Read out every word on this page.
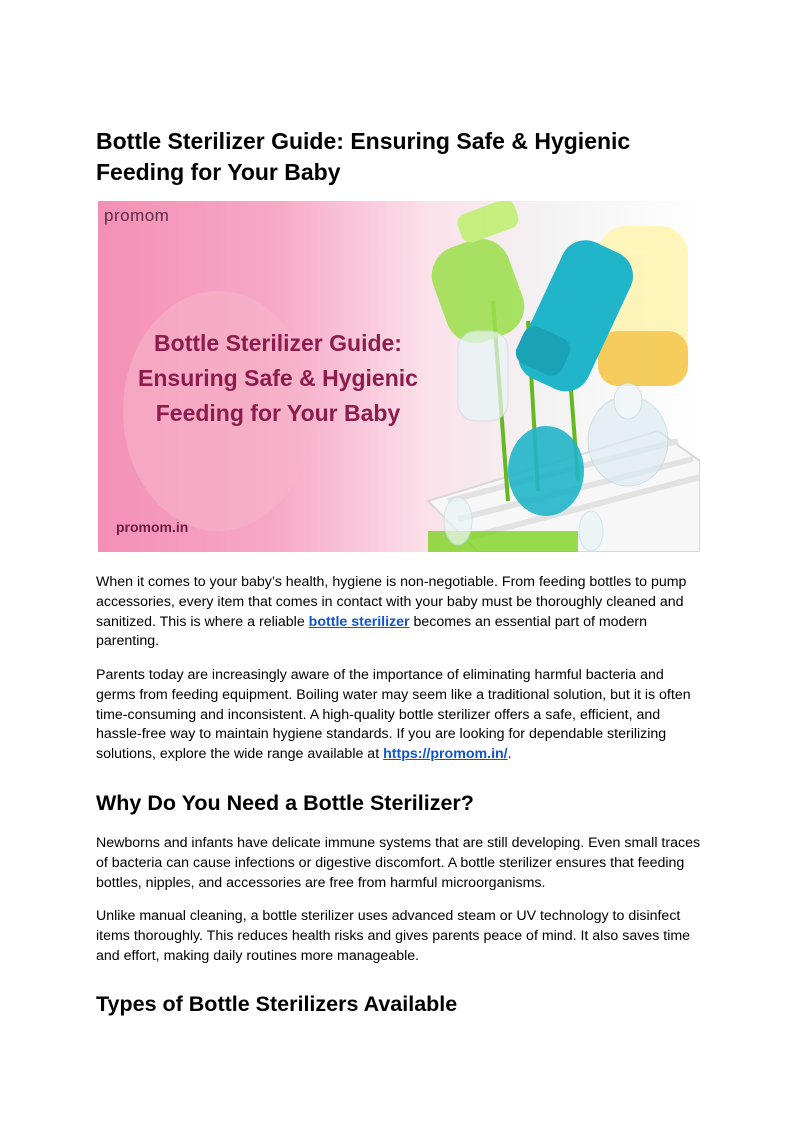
Bottle Sterilizer Guide: Ensuring Safe & Hygienic Feeding for Your Baby
promom
Bottle Sterilizer Guide:
Ensuring Safe & Hygienic
Feeding for Your Baby
promom.in

When it comes to your baby’s health, hygiene is non-negotiable. From feeding bottles to pump accessories, every item that comes in contact with your baby must be thoroughly cleaned and sanitized. This is where a reliable bottle sterilizer becomes an essential part of modern parenting.

Parents today are increasingly aware of the importance of eliminating harmful bacteria and germs from feeding equipment. Boiling water may seem like a traditional solution, but it is often time-consuming and inconsistent. A high-quality bottle sterilizer offers a safe, efficient, and hassle-free way to maintain hygiene standards. If you are looking for dependable sterilizing solutions, explore the wide range available at https://promom.in/.

Why Do You Need a Bottle Sterilizer?

Newborns and infants have delicate immune systems that are still developing. Even small traces of bacteria can cause infections or digestive discomfort. A bottle sterilizer ensures that feeding bottles, nipples, and accessories are free from harmful microorganisms.

Unlike manual cleaning, a bottle sterilizer uses advanced steam or UV technology to disinfect items thoroughly. This reduces health risks and gives parents peace of mind. It also saves time and effort, making daily routines more manageable.

Types of Bottle Sterilizers Available
